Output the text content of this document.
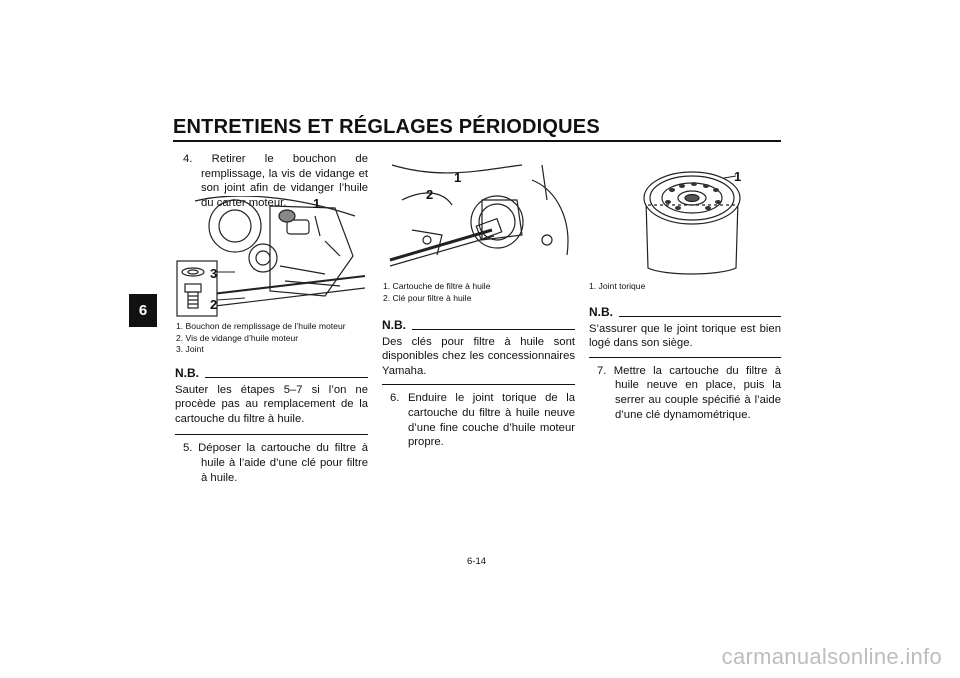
ENTRETIENS ET RÉGLAGES PÉRIODIQUES
6
4. Retirer le bouchon de remplissage, la vis de vidange et son joint afin de vidanger l’huile du carter moteur.	1
3
2
1. Bouchon de remplissage de l’huile moteur
2. Vis de vidange d’huile moteur
3. Joint
N.B.
Sauter les étapes 5–7 si l’on ne procède pas au remplacement de la cartouche du filtre à huile.
5. Déposer la cartouche du filtre à huile à l’aide d’une clé pour filtre à huile.
1
2
1. Cartouche de filtre à huile
2. Clé pour filtre à huile
N.B.
Des clés pour filtre à huile sont disponibles chez les concessionnaires Yamaha.
6. Enduire le joint torique de la cartouche du filtre à huile neuve d’une fine couche d’huile moteur propre.
1
1. Joint torique
N.B.
S’assurer que le joint torique est bien logé dans son siège.
7. Mettre la cartouche du filtre à huile neuve en place, puis la serrer au couple spécifié à l’aide d’une clé dynamométrique.
6-14
carmanualsonline.info
